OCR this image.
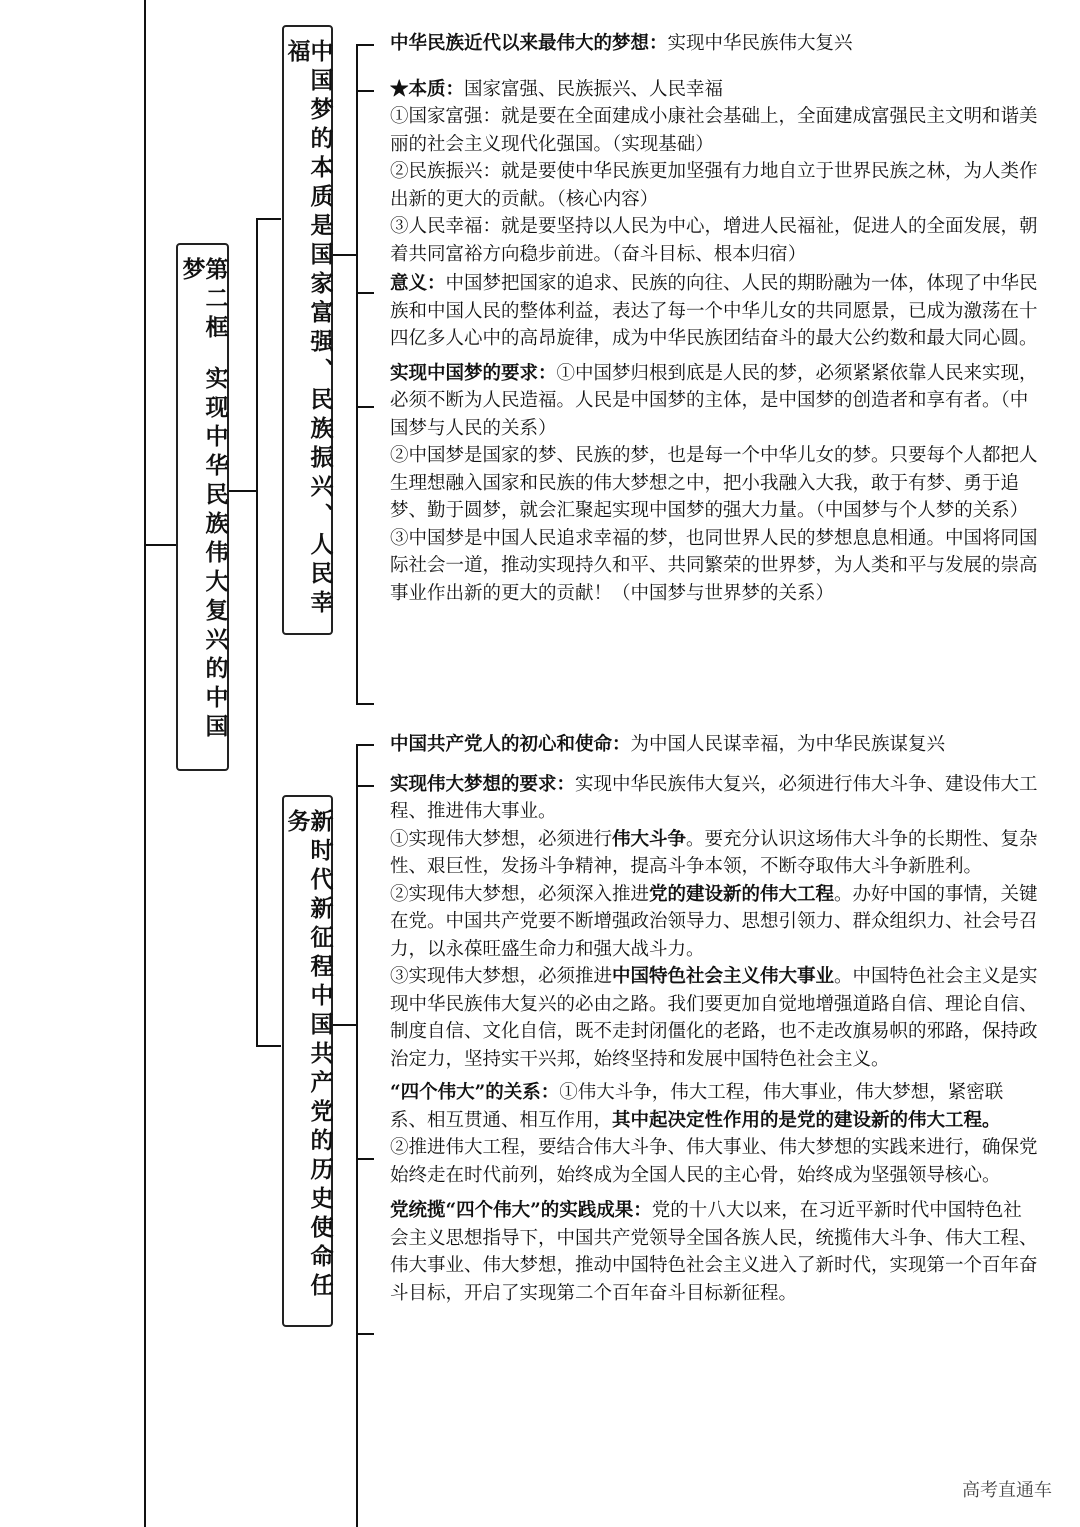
第二框实现中华民族伟大复兴的中国梦	中国梦的本质是国家富强、民族振兴、人民幸福
新时代新征程中国共产党的历史使命任务

中华民族近代以来最伟大的梦想：实现中华民族伟大复兴

★本质：国家富强、民族振兴、人民幸福

①国家富强：就是要在全面建成小康社会基础上，全面建成富强民主文明和谐美丽的社会主义现代化强国。（实现基础）

②民族振兴：就是要使中华民族更加坚强有力地自立于世界民族之林，为人类作出新的更大的贡献。（核心内容）

③人民幸福：就是要坚持以人民为中心，增进人民福祉，促进人的全面发展，朝着共同富裕方向稳步前进。（奋斗目标、根本归宿）

意义：中国梦把国家的追求、民族的向往、人民的期盼融为一体，体现了中华民族和中国人民的整体利益，表达了每一个中华儿女的共同愿景，已成为激荡在十四亿多人心中的高昂旋律，成为中华民族团结奋斗的最大公约数和最大同心圆。

实现中国梦的要求：①中国梦归根到底是人民的梦，必须紧紧依靠人民来实现，必须不断为人民造福。人民是中国梦的主体，是中国梦的创造者和享有者。（中国梦与人民的关系）

②中国梦是国家的梦、民族的梦，也是每一个中华儿女的梦。只要每个人都把人生理想融入国家和民族的伟大梦想之中，把小我融入大我，敢于有梦、勇于追梦、勤于圆梦，就会汇聚起实现中国梦的强大力量。（中国梦与个人梦的关系）

③中国梦是中国人民追求幸福的梦，也同世界人民的梦想息息相通。中国将同国际社会一道，推动实现持久和平、共同繁荣的世界梦，为人类和平与发展的崇高事业作出新的更大的贡献！（中国梦与世界梦的关系）

中国共产党人的初心和使命：为中国人民谋幸福，为中华民族谋复兴

实现伟大梦想的要求：实现中华民族伟大复兴，必须进行伟大斗争、建设伟大工程、推进伟大事业。

①实现伟大梦想，必须进行伟大斗争。要充分认识这场伟大斗争的长期性、复杂性、艰巨性，发扬斗争精神，提高斗争本领，不断夺取伟大斗争新胜利。

②实现伟大梦想，必须深入推进党的建设新的伟大工程。办好中国的事情，关键在党。中国共产党要不断增强政治领导力、思想引领力、群众组织力、社会号召力，以永葆旺盛生命力和强大战斗力。

③实现伟大梦想，必须推进中国特色社会主义伟大事业。中国特色社会主义是实现中华民族伟大复兴的必由之路。我们要更加自觉地增强道路自信、理论自信、制度自信、文化自信，既不走封闭僵化的老路，也不走改旗易帜的邪路，保持政治定力，坚持实干兴邦，始终坚持和发展中国特色社会主义。

“四个伟大”的关系：①伟大斗争，伟大工程，伟大事业，伟大梦想，紧密联系、相互贯通、相互作用，其中起决定性作用的是党的建设新的伟大工程。

②推进伟大工程，要结合伟大斗争、伟大事业、伟大梦想的实践来进行，确保党始终走在时代前列，始终成为全国人民的主心骨，始终成为坚强领导核心。

党统揽“四个伟大”的实践成果：党的十八大以来，在习近平新时代中国特色社会主义思想指导下，中国共产党领导全国各族人民，统揽伟大斗争、伟大工程、伟大事业、伟大梦想，推动中国特色社会主义进入了新时代，实现第一个百年奋斗目标，开启了实现第二个百年奋斗目标新征程。

高考直通车
